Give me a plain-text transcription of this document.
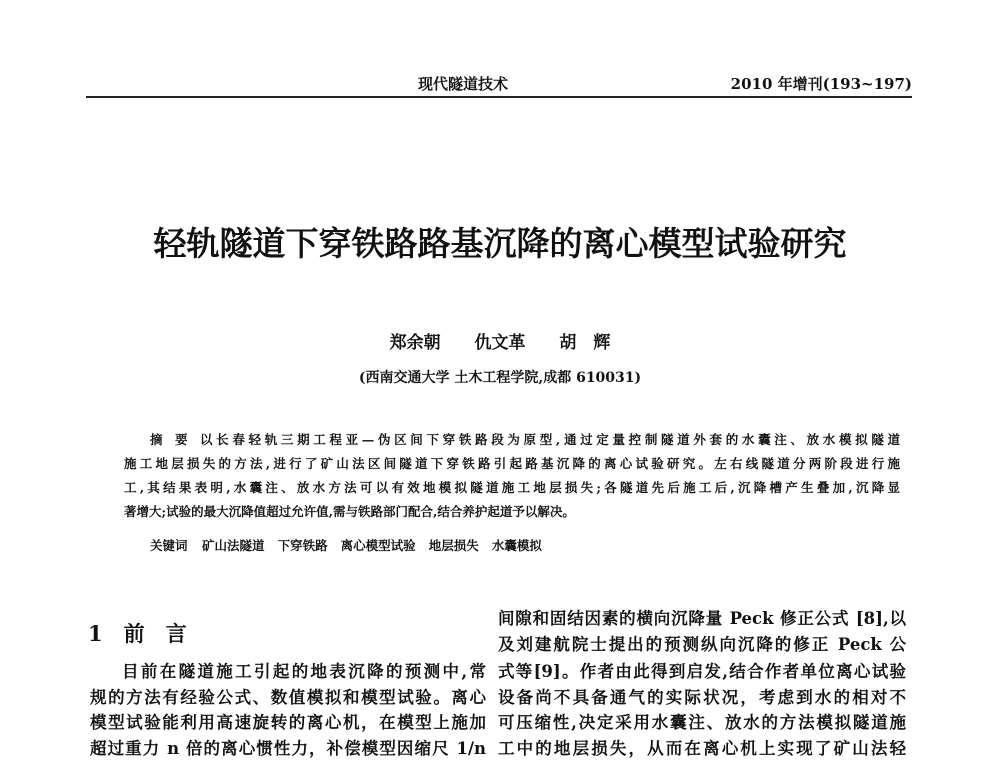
现代隧道技术	2010 年增刊(193~197)
轻轨隧道下穿铁路路基沉降的离心模型试验研究
郑余朝 仇文革 胡　辉
(西南交通大学 土木工程学院,成都 610031)
摘　要 以长春轻轨三期工程亚—伪区间下穿铁路段为原型,通过定量控制隧道外套的水囊注、放水模拟隧道
施工地层损失的方法,进行了矿山法区间隧道下穿铁路引起路基沉降的离心试验研究。左右线隧道分两阶段进行施
工,其结果表明,水囊注、放水方法可以有效地模拟隧道施工地层损失;各隧道先后施工后,沉降槽产生叠加,沉降显
著增大;试验的最大沉降值超过允许值,需与铁路部门配合,结合养护起道予以解决。
关键词 矿山法隧道 下穿铁路 离心模型试验 地层损失 水囊模拟
1　前　言
目前在隧道施工引起的地表沉降的预测中,常
规的方法有经验公式、数值模拟和模型试验。离心
模型试验能利用高速旋转的离心机，在模型上施加
超过重力 n 倍的离心惯性力，补偿模型因缩尺 1/n
间隙和固结因素的横向沉降量 Peck 修正公式 [8],以
及刘建航院士提出的预测纵向沉降的修正 Peck 公
式等[9]。作者由此得到启发,结合作者单位离心试验
设备尚不具备通气的实际状况，考虑到水的相对不
可压缩性,决定采用水囊注、放水的方法模拟隧道施
工中的地层损失，从而在离心机上实现了矿山法轻
